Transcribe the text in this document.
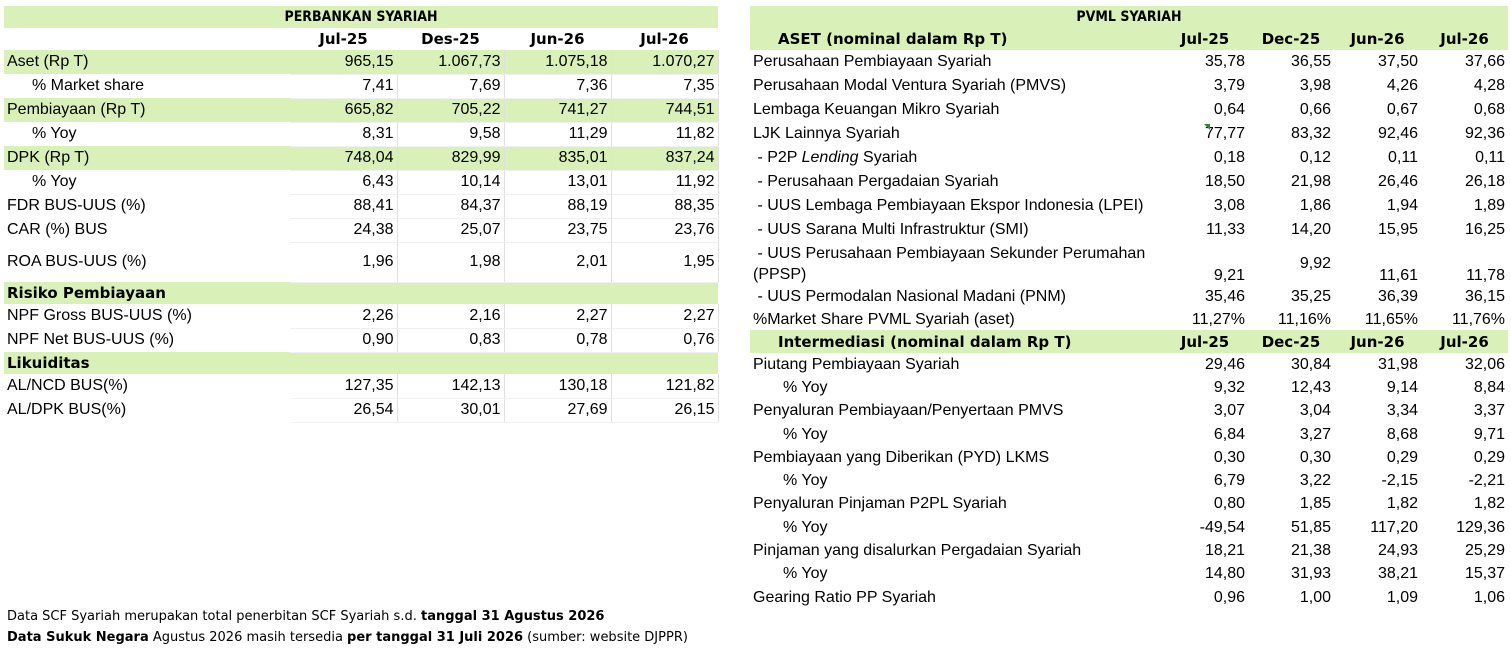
PERBANKAN SYARIAH				
	Jul-25	Des-25	Jun-26	Jul-26
Aset (Rp T)	965,15	1.067,73	1.075,18	1.070,27
% Market share	7,41	7,69	7,36	7,35
Pembiayaan (Rp T)	665,82	705,22	741,27	744,51
% Yoy	8,31	9,58	11,29	11,82
DPK (Rp T)	748,04	829,99	835,01	837,24
% Yoy	6,43	10,14	13,01	11,92
FDR BUS-UUS (%)	88,41	84,37	88,19	88,35
CAR (%) BUS	24,38	25,07	23,75	23,76
ROA BUS-UUS (%)	1,96	1,98	2,01	1,95
Risiko Pembiayaan				
NPF Gross BUS-UUS (%)	2,26	2,16	2,27	2,27
NPF Net BUS-UUS (%)	0,90	0,83	0,78	0,76
Likuiditas				
AL/NCD BUS(%)	127,35	142,13	130,18	121,82
AL/DPK BUS(%)	26,54	30,01	27,69	26,15
PVML SYARIAH				
ASET (nominal dalam Rp T)	Jul-25	Dec-25	Jun-26	Jul-26
Perusahaan Pembiayaan Syariah	35,78	36,55	37,50	37,66
Perusahaan Modal Ventura Syariah (PMVS)	3,79	3,98	4,26	4,28
Lembaga Keuangan Mikro Syariah	0,64	0,66	0,67	0,68
LJK Lainnya Syariah	77,77	83,32	92,46	92,36
- P2P Lending Syariah	0,18	0,12	0,11	0,11
- Perusahaan Pergadaian Syariah	18,50	21,98	26,46	26,18
- UUS Lembaga Pembiayaan Ekspor Indonesia (LPEI)	3,08	1,86	1,94	1,89
- UUS Sarana Multi Infrastruktur (SMI)	11,33	14,20	15,95	16,25

- UUS Perusahaan Pembiayaan Sekunder Perumahan
(PPSP)	9,21	9,92	11,61	11,78
- UUS Permodalan Nasional Madani (PNM)	35,46	35,25	36,39	36,15
%Market Share PVML Syariah (aset)	11,27%	11,16%	11,65%	11,76%
Intermediasi (nominal dalam Rp T)	Jul-25	Dec-25	Jun-26	Jul-26
Piutang Pembiayaan Syariah	29,46	30,84	31,98	32,06
% Yoy	9,32	12,43	9,14	8,84
Penyaluran Pembiayaan/Penyertaan PMVS	3,07	3,04	3,34	3,37
% Yoy	6,84	3,27	8,68	9,71
Pembiayaan yang Diberikan (PYD) LKMS	0,30	0,30	0,29	0,29
% Yoy	6,79	3,22	-2,15	-2,21
Penyaluran Pinjaman P2PL Syariah	0,80	1,85	1,82	1,82
% Yoy	-49,54	51,85	117,20	129,36
Pinjaman yang disalurkan Pergadaian Syariah	18,21	21,38	24,93	25,29
% Yoy	14,80	31,93	38,21	15,37
Gearing Ratio PP Syariah	0,96	1,00	1,09	1,06
Data SCF Syariah merupakan total penerbitan SCF Syariah s.d. tanggal 31 Agustus 2026
Data Sukuk Negara Agustus 2026 masih tersedia per tanggal 31 Juli 2026 (sumber: website DJPPR)
